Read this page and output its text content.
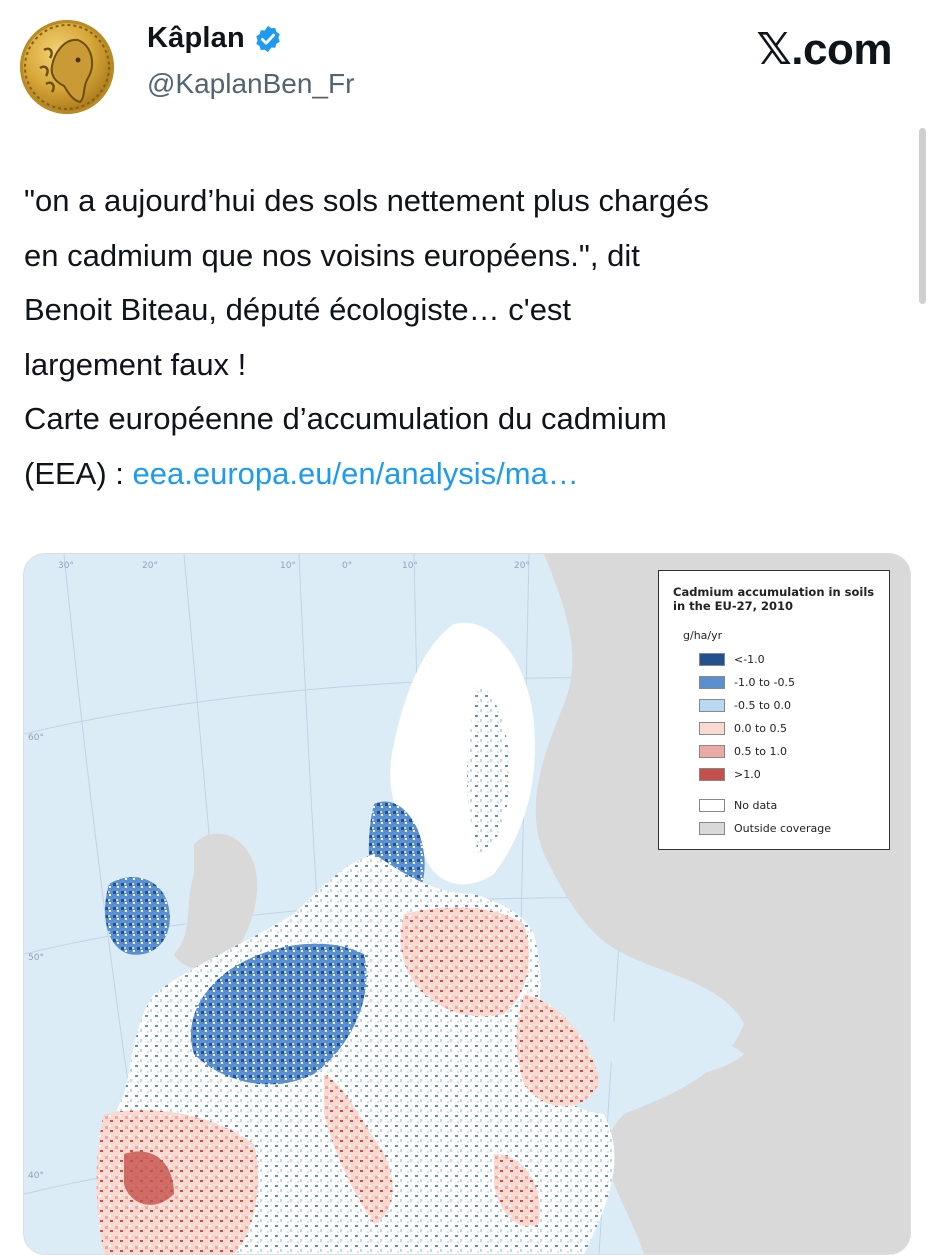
Kâplan
@KaplanBen_Fr
𝕏.com
"on a aujourd’hui des sols nettement plus chargés
en cadmium que nos voisins européens.", dit
Benoit Biteau, député écologiste… c'est
largement faux !
Carte européenne d’accumulation du cadmium
(EEA) : eea.europa.eu/en/analysis/ma…
30°	20°	10°	0°	10°	20°
60°
50°
40°
Cadmium accumulation in soils in the EU-27, 2010
g/ha/yr
<-1.0
-1.0 to -0.5
-0.5 to 0.0
0.0 to 0.5
0.5 to 1.0
>1.0
No data
Outside coverage
